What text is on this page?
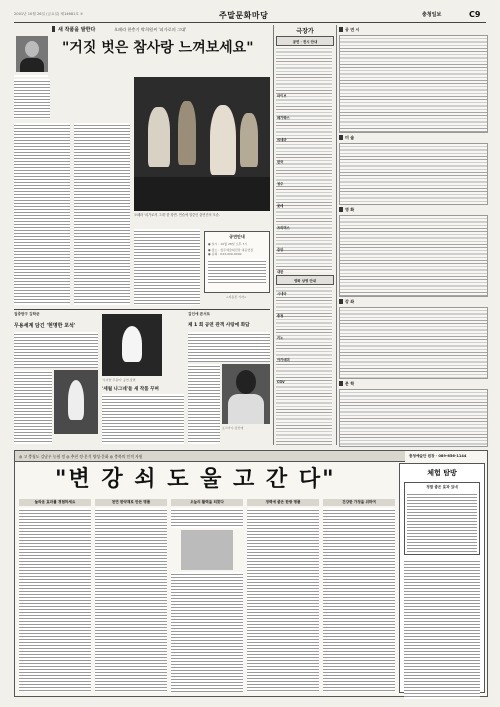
2001년 10월 26일 (금요일) 제14681호 ⑦	주말문화마당	충청일보	C9
새 작품을 발한다	오페라 한충기 박희원씨 '피가로의 그대'
"거짓 벗은 참사랑 느껴보세요"
오페라 '피가로의 그대' 한 장면. 연습에 열중인 출연진의 모습.
공연안내
● 일시 : 10월 28일 오후 7시
● 장소 : 청주예술의전당 대공연장
● 문의 : 043-000-0000
<지용진 기자>
집중탐구 김학준
무용세계 담긴 '현명한 포석'
'우아한 무용미' 공연 장면
'세월 나그네'들 새 작품 꾸며
김인애 콘서트
제 1 회 공연 관객 사랑에 화답
포크가수 김인애
극장가
공연 · 전시 안내
영화 상영 안내
라이브
메가박스
씨네마
한국
청주
롯데
프리머스
중앙
대한
시네마
충청
키노
아카데미
CGV
공 연 시
미 술
영 화
강 좌
문 학
◎ 고 충청도 김남우 농협 정 ◎ 추천 정·분석 양성·문화 ◎ 충북의 인적 자원	충청예술단 원장 · 089-656-1144
"변 강 쇠 도 울 고 간 다"
놀라운 효과를 경험하세요	천연 한약재로 만든 명품	오늘의 활력을 되찾다	정력에 좋은 한방 명품	건강한 가정을 위하여
체험 탐방
정말 좋은 효과 있네
